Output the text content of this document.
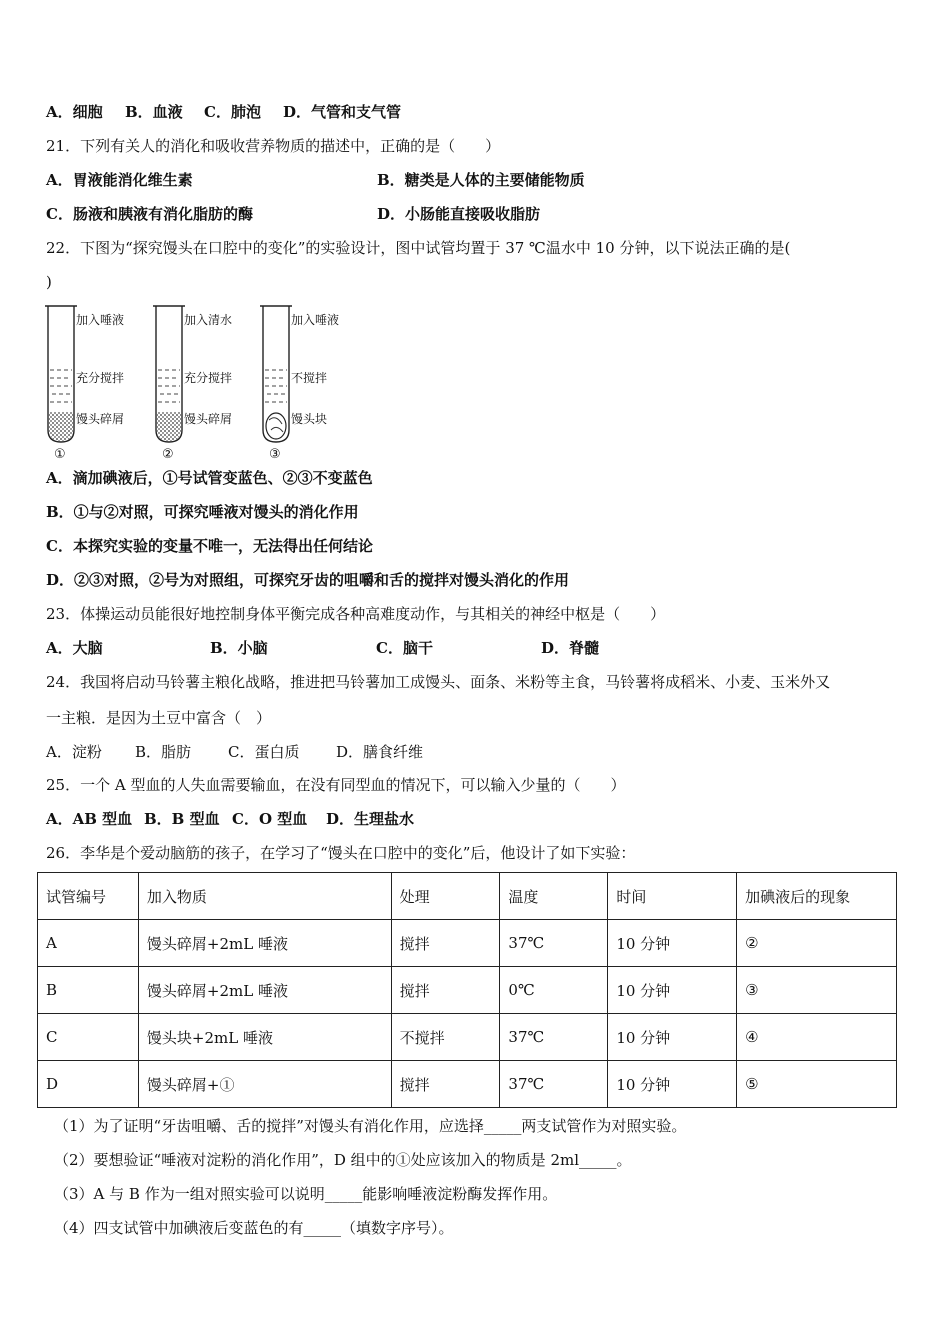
A．细胞 B．血液 C．肺泡 D．气管和支气管
21．下列有关人的消化和吸收营养物质的描述中，正确的是（　　）
A．胃液能消化维生素	B．糖类是人体的主要储能物质
C．肠液和胰液有消化脂肪的酶	D．小肠能直接吸收脂肪
22．下图为“探究馒头在口腔中的变化”的实验设计，图中试管均置于 37 ℃温水中 10 分钟，以下说法正确的是(
)
加入唾液
充分搅拌
馒头碎屑
①
加入清水
充分搅拌
馒头碎屑
②
加入唾液
不搅拌
馒头块
③
A．滴加碘液后，①号试管变蓝色、②③不变蓝色
B．①与②对照，可探究唾液对馒头的消化作用
C．本探究实验的变量不唯一，无法得出任何结论
D．②③对照，②号为对照组，可探究牙齿的咀嚼和舌的搅拌对馒头消化的作用
23．体操运动员能很好地控制身体平衡完成各种高难度动作，与其相关的神经中枢是（　　）
A．大脑	B．小脑	C．脑干	D．脊髓
24．我国将启动马铃薯主粮化战略，推进把马铃薯加工成馒头、面条、米粉等主食，马铃薯将成稻米、小麦、玉米外又
一主粮．是因为土豆中富含（　）
A．淀粉 B．脂肪 C．蛋白质 D．膳食纤维
25．一个 A 型血的人失血需要输血，在没有同型血的情况下，可以输入少量的（　　）
A．AB 型血 B．B 型血 C．O 型血 D．生理盐水
26．李华是个爱动脑筋的孩子，在学习了“馒头在口腔中的变化”后，他设计了如下实验：
试管编号	加入物质	处理	温度	时间	加碘液后的现象
A	馒头碎屑+2mL 唾液	搅拌	37℃	10 分钟	②
B	馒头碎屑+2mL 唾液	搅拌	0℃	10 分钟	③
C	馒头块+2mL 唾液	不搅拌	37℃	10 分钟	④
D	馒头碎屑+①	搅拌	37℃	10 分钟	⑤
（1）为了证明“牙齿咀嚼、舌的搅拌”对馒头有消化作用，应选择_____两支试管作为对照实验。
（2）要想验证“唾液对淀粉的消化作用”，D 组中的①处应该加入的物质是 2ml_____。
（3）A 与 B 作为一组对照实验可以说明_____能影响唾液淀粉酶发挥作用。
（4）四支试管中加碘液后变蓝色的有_____（填数字序号）。
